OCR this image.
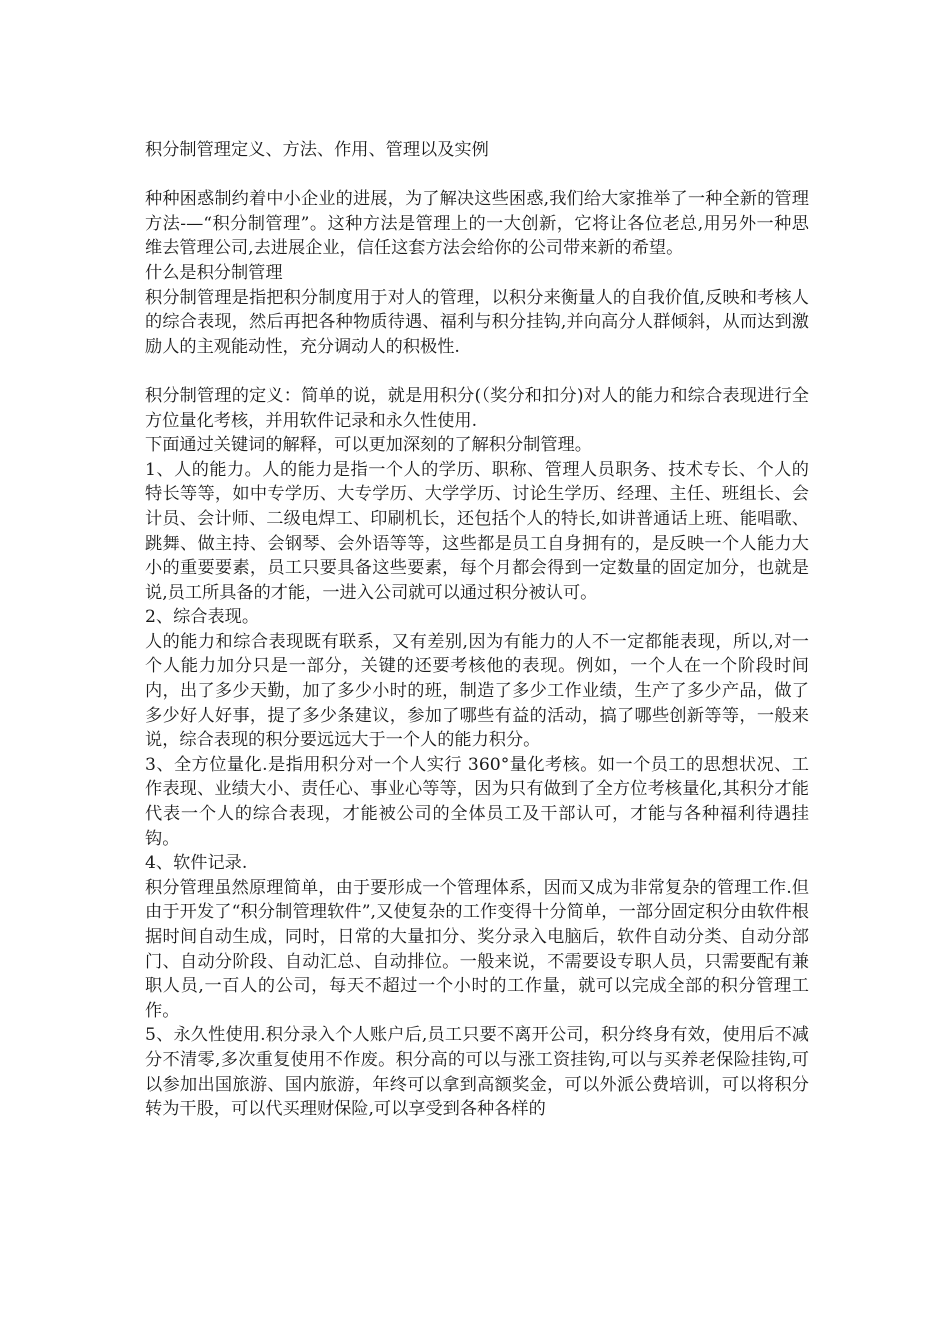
积分制管理定义、方法、作用、管理以及实例
种种困惑制约着中小企业的进展，为了解决这些困惑,我们给大家推举了一种全新的管理方法-—“积分制管理”。这种方法是管理上的一大创新，它将让各位老总,用另外一种思维去管理公司,去进展企业，信任这套方法会给你的公司带来新的希望。
什么是积分制管理
积分制管理是指把积分制度用于对人的管理，以积分来衡量人的自我价值,反映和考核人的综合表现，然后再把各种物质待遇、福利与积分挂钩,并向高分人群倾斜，从而达到激励人的主观能动性，充分调动人的积极性.
积分制管理的定义：简单的说，就是用积分(（奖分和扣分)对人的能力和综合表现进行全方位量化考核，并用软件记录和永久性使用.
下面通过关键词的解释，可以更加深刻的了解积分制管理。
1、人的能力。人的能力是指一个人的学历、职称、管理人员职务、技术专长、个人的特长等等，如中专学历、大专学历、大学学历、讨论生学历、经理、主任、班组长、会计员、会计师、二级电焊工、印刷机长，还包括个人的特长,如讲普通话上班、能唱歌、跳舞、做主持、会钢琴、会外语等等，这些都是员工自身拥有的，是反映一个人能力大小的重要要素，员工只要具备这些要素，每个月都会得到一定数量的固定加分，也就是说,员工所具备的才能，一进入公司就可以通过积分被认可。
2、综合表现。
人的能力和综合表现既有联系，又有差别,因为有能力的人不一定都能表现，所以,对一个人能力加分只是一部分，关键的还要考核他的表现。例如，一个人在一个阶段时间内，出了多少天勤，加了多少小时的班，制造了多少工作业绩，生产了多少产品，做了多少好人好事，提了多少条建议，参加了哪些有益的活动，搞了哪些创新等等，一般来说，综合表现的积分要远远大于一个人的能力积分。
3、全方位量化.是指用积分对一个人实行 360°量化考核。如一个员工的思想状况、工作表现、业绩大小、责任心、事业心等等，因为只有做到了全方位考核量化,其积分才能代表一个人的综合表现，才能被公司的全体员工及干部认可，才能与各种福利待遇挂钩。
4、软件记录.
积分管理虽然原理简单，由于要形成一个管理体系，因而又成为非常复杂的管理工作.但由于开发了“积分制管理软件”,又使复杂的工作变得十分简单，一部分固定积分由软件根据时间自动生成，同时，日常的大量扣分、奖分录入电脑后，软件自动分类、自动分部门、自动分阶段、自动汇总、自动排位。一般来说，不需要设专职人员，只需要配有兼职人员,一百人的公司，每天不超过一个小时的工作量，就可以完成全部的积分管理工作。
5、永久性使用.积分录入个人账户后,员工只要不离开公司，积分终身有效，使用后不减分不清零,多次重复使用不作废。积分高的可以与涨工资挂钩,可以与买养老保险挂钩,可以参加出国旅游、国内旅游，年终可以拿到高额奖金，可以外派公费培训，可以将积分转为干股，可以代买理财保险,可以享受到各种各样的
